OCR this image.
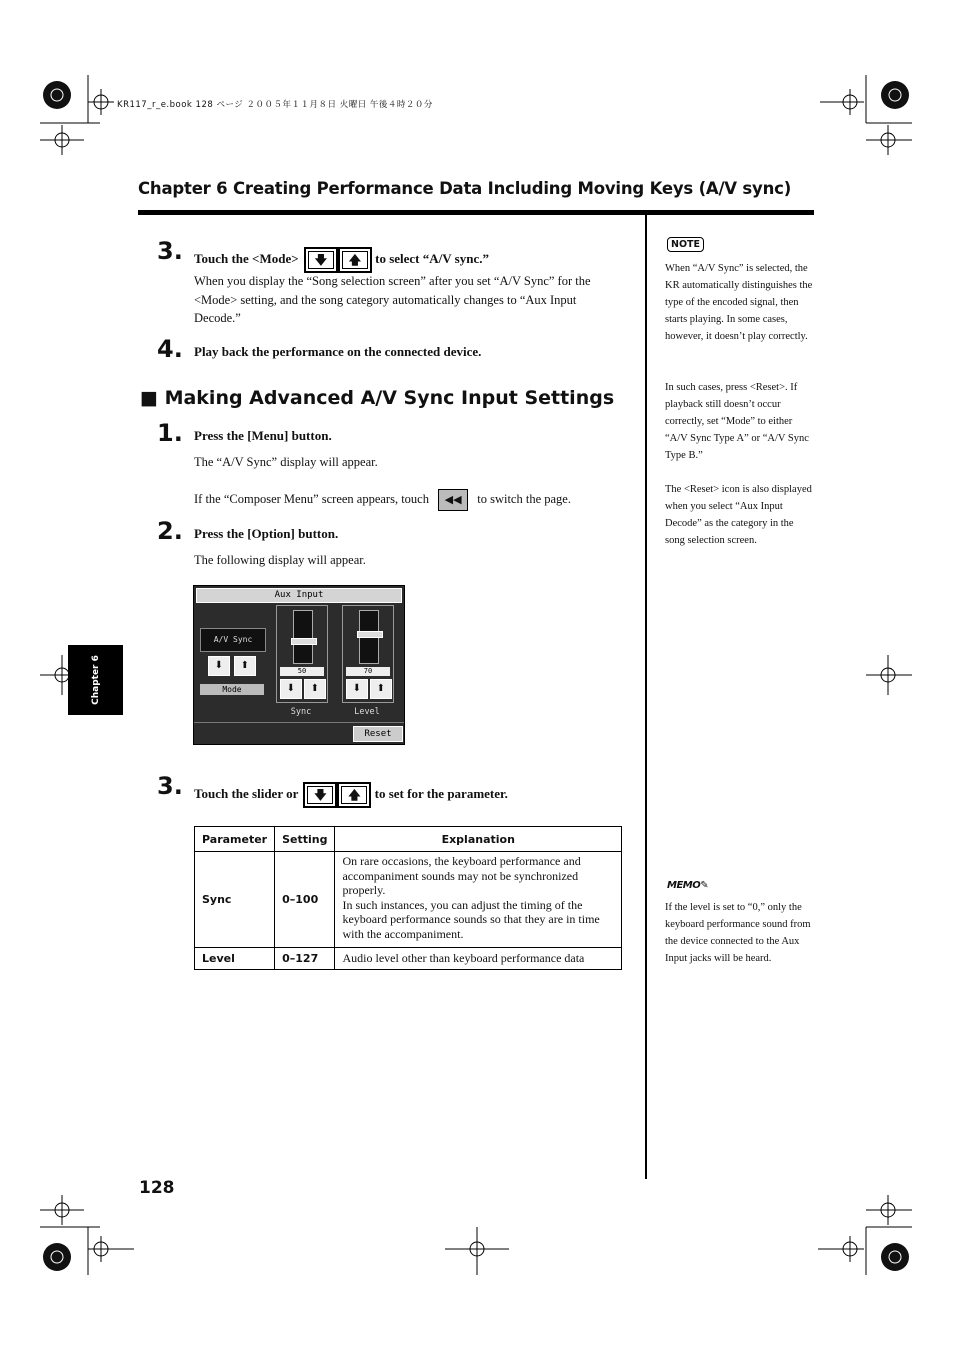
KR117_r_e.book 128 ページ ２００５年１１月８日 火曜日 午後４時２０分
Chapter 6 Creating Performance Data Including Moving Keys (A/V sync)
3. Touch the <Mode> 🡇 🡅 to select “A/V sync.”
When you display the “Song selection screen” after you set “A/V Sync” for the <Mode> setting, and the song category automatically changes to “Aux Input Decode.”
4. Play back the performance on the connected device.
■ Making Advanced A/V Sync Input Settings
1. Press the [Menu] button.
The “A/V Sync” display will appear.
If the “Composer Menu” screen appears, touch ◀◀ to switch the page.
2. Press the [Option] button.
The following display will appear.
Aux Input
A/V Sync
⬇	⬆
Mode
50
⬇	⬆
Sync
70
⬇	⬆
Level
Reset
3. Touch the slider or 🡇 🡅 to set for the parameter.
Parameter	Setting	Explanation
Sync	0–100	On rare occasions, the keyboard performance and accompaniment sounds may not be synchronized properly.
In such instances, you can adjust the timing of the keyboard performance sounds so that they are in time with the accompaniment.
Level	0–127	Audio level other than keyboard performance data
NOTE
When “A/V Sync” is selected, the KR automatically distinguishes the type of the encoded signal, then starts playing. In some cases, however, it doesn’t play correctly.
In such cases, press <Reset>. If playback still doesn’t occur correctly, set “Mode” to either “A/V Sync Type A” or “A/V Sync Type B.”
The <Reset> icon is also displayed when you select “Aux Input Decode” as the category in the song selection screen.
MEMO✎
If the level is set to “0,” only the keyboard performance sound from the device connected to the Aux Input jacks will be heard.
Chapter 6
128
